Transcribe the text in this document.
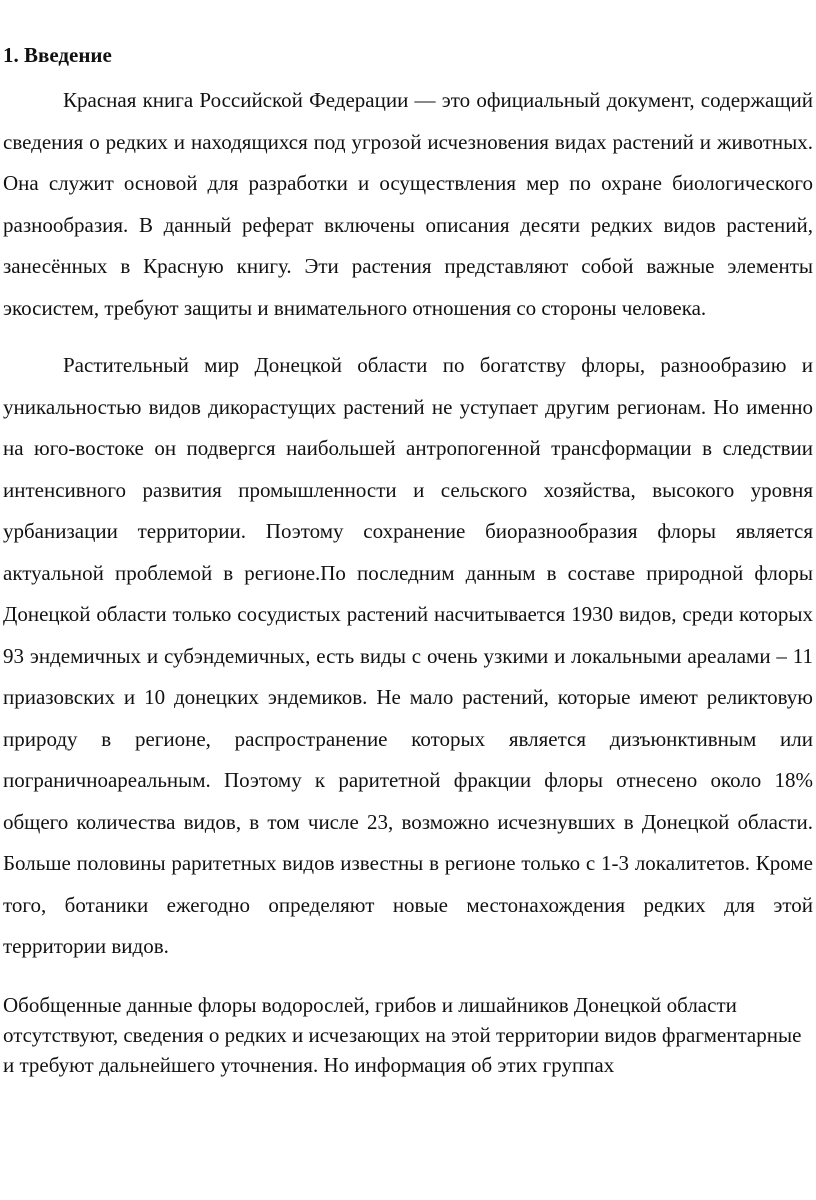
1. Введение

Красная книга Российской Федерации — это официальный документ, содержащий сведения о редких и находящихся под угрозой исчезновения видах растений и животных. Она служит основой для разработки и осуществления мер по охране биологического разнообразия. В данный реферат включены описания десяти редких видов растений, занесённых в Красную книгу. Эти растения представляют собой важные элементы экосистем, требуют защиты и внимательного отношения со стороны человека.

Растительный мир Донецкой области по богатству флоры, разнообразию и уникальностью видов дикорастущих растений не уступает другим регионам. Но именно на юго-востоке он подвергся наибольшей антропогенной трансформации в следствии интенсивного развития промышленности и сельского хозяйства, высокого уровня урбанизации территории. Поэтому сохранение биоразнообразия флоры является актуальной проблемой в регионе.По последним данным в составе природной флоры Донецкой области только сосудистых растений насчитывается 1930 видов, среди которых 93 эндемичных и субэндемичных, есть виды с очень узкими и локальными ареалами – 11 приазовских и 10 донецких эндемиков. Не мало растений, которые имеют реликтовую природу в регионе, распространение которых является дизъюнктивным или пограничноареальным. Поэтому к раритетной фракции флоры отнесено около 18% общего количества видов, в том числе 23, возможно исчезнувших в Донецкой области. Больше половины раритетных видов известны в регионе только с 1-3 локалитетов. Кроме того, ботаники ежегодно определяют новые местонахождения редких для этой территории видов.

Обобщенные данные флоры водорослей, грибов и лишайников Донецкой области отсутствуют, сведения о редких и исчезающих на этой территории видов фрагментарные и требуют дальнейшего уточнения. Но информация об этих группах
